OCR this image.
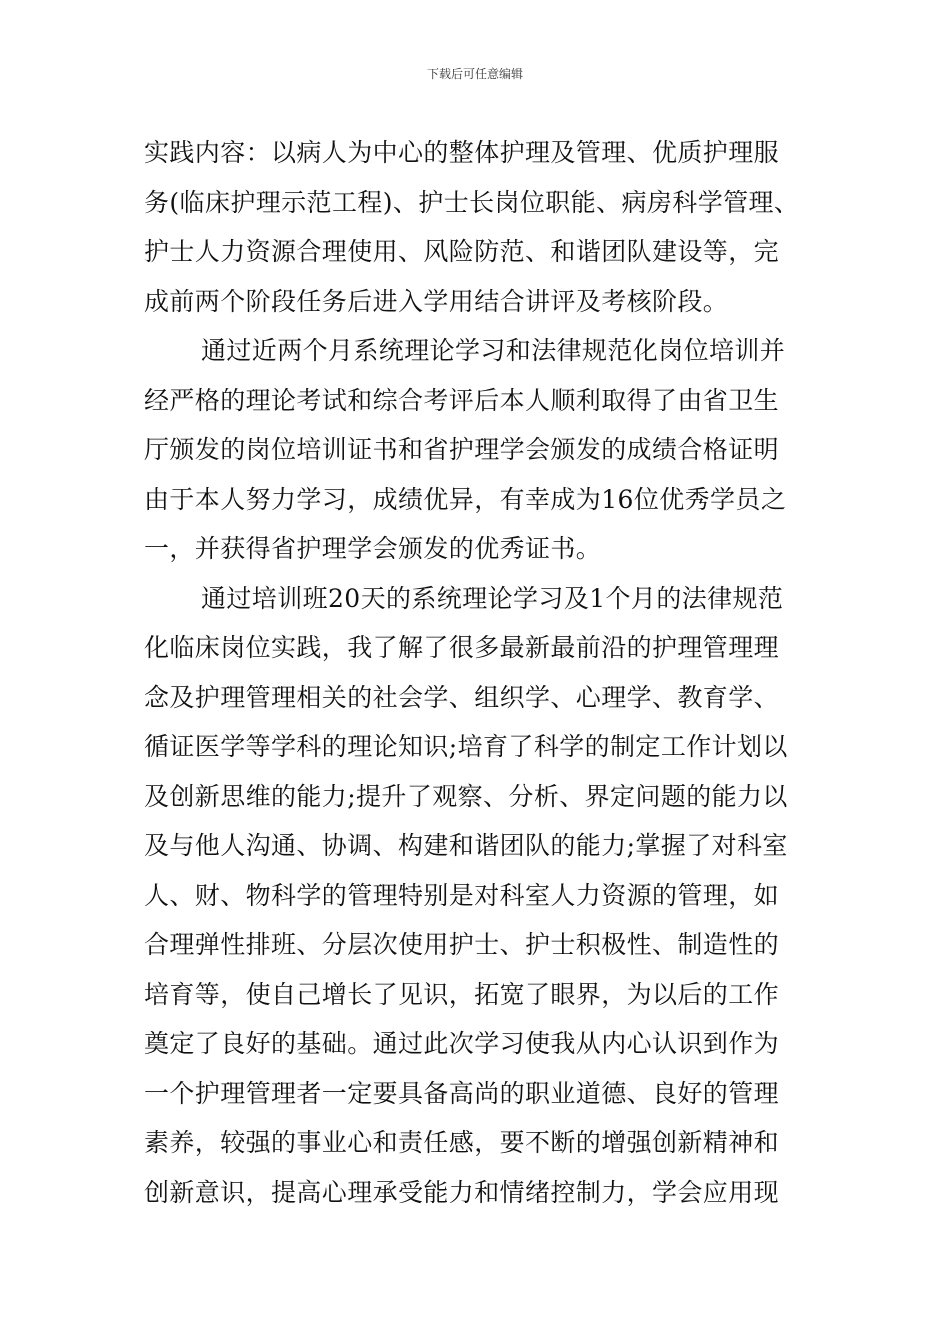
下载后可任意编辑
实践内容：以病人为中心的整体护理及管理、优质护理服
务(临床护理示范工程)、护士长岗位职能、病房科学管理、
护士人力资源合理使用、风险防范、和谐团队建设等，完
成前两个阶段任务后进入学用结合讲评及考核阶段。
通过近两个月系统理论学习和法律规范化岗位培训并
经严格的理论考试和综合考评后本人顺利取得了由省卫生
厅颁发的岗位培训证书和省护理学会颁发的成绩合格证明
由于本人努力学习，成绩优异，有幸成为16位优秀学员之
一，并获得省护理学会颁发的优秀证书。
通过培训班20天的系统理论学习及1个月的法律规范
化临床岗位实践，我了解了很多最新最前沿的护理管理理
念及护理管理相关的社会学、组织学、心理学、教育学、
循证医学等学科的理论知识;培育了科学的制定工作计划以
及创新思维的能力;提升了观察、分析、界定问题的能力以
及与他人沟通、协调、构建和谐团队的能力;掌握了对科室
人、财、物科学的管理特别是对科室人力资源的管理，如
合理弹性排班、分层次使用护士、护士积极性、制造性的
培育等，使自己增长了见识，拓宽了眼界，为以后的工作
奠定了良好的基础。通过此次学习使我从内心认识到作为
一个护理管理者一定要具备高尚的职业道德、良好的管理
素养，较强的事业心和责任感，要不断的增强创新精神和
创新意识，提高心理承受能力和情绪控制力，学会应用现
